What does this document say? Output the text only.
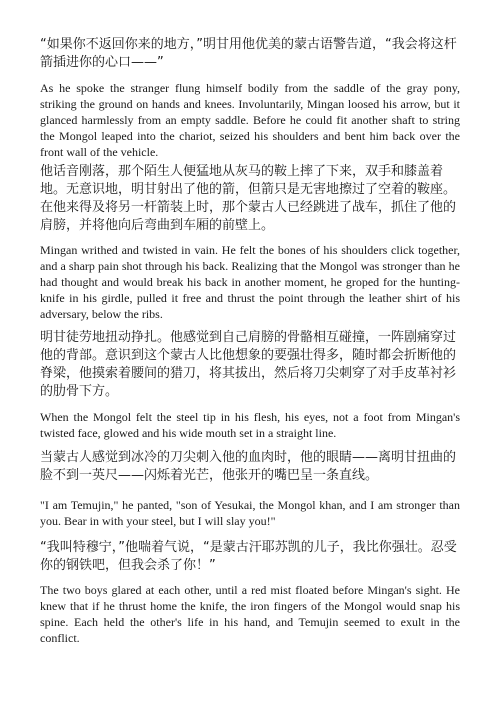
“如果你不返回你来的地方，”明甘用他优美的蒙古语警告道，“我会将这杆箭插进你的心口——”

As he spoke the stranger flung himself bodily from the saddle of the gray pony, striking the ground on hands and knees. Involuntarily, Mingan loosed his arrow, but it glanced harmlessly from an empty saddle. Before he could fit another shaft to string the Mongol leaped into the chariot, seized his shoulders and bent him back over the front wall of the vehicle.

他话音刚落，那个陌生人便猛地从灰马的鞍上摔了下来，双手和膝盖着地。无意识地，明甘射出了他的箭，但箭只是无害地擦过了空着的鞍座。在他来得及将另一杆箭装上时，那个蒙古人已经跳进了战车，抓住了他的肩膀，并将他向后弯曲到车厢的前壁上。

Mingan writhed and twisted in vain. He felt the bones of his shoulders click together, and a sharp pain shot through his back. Realizing that the Mongol was stronger than he had thought and would break his back in another moment, he groped for the hunting-knife in his girdle, pulled it free and thrust the point through the leather shirt of his adversary, below the ribs.

明甘徒劳地扭动挣扎。他感觉到自己肩膀的骨骼相互碰撞，一阵剧痛穿过他的背部。意识到这个蒙古人比他想象的要强壮得多，随时都会折断他的脊梁，他摸索着腰间的猎刀，将其拔出，然后将刀尖刺穿了对手皮革衬衫的肋骨下方。

When the Mongol felt the steel tip in his flesh, his eyes, not a foot from Mingan's twisted face, glowed and his wide mouth set in a straight line.

当蒙古人感觉到冰冷的刀尖刺入他的血肉时，他的眼睛——离明甘扭曲的脸不到一英尺——闪烁着光芒，他张开的嘴巴呈一条直线。

"I am Temujin," he panted, "son of Yesukai, the Mongol khan, and I am stronger than you. Bear in with your steel, but I will slay you!"

“我叫特穆宁，”他喘着气说，“是蒙古汗耶苏凯的儿子，我比你强壮。忍受你的钢铁吧，但我会杀了你！”

The two boys glared at each other, until a red mist floated before Mingan's sight. He knew that if he thrust home the knife, the iron fingers of the Mongol would snap his spine. Each held the other's life in his hand, and Temujin seemed to exult in the conflict.
